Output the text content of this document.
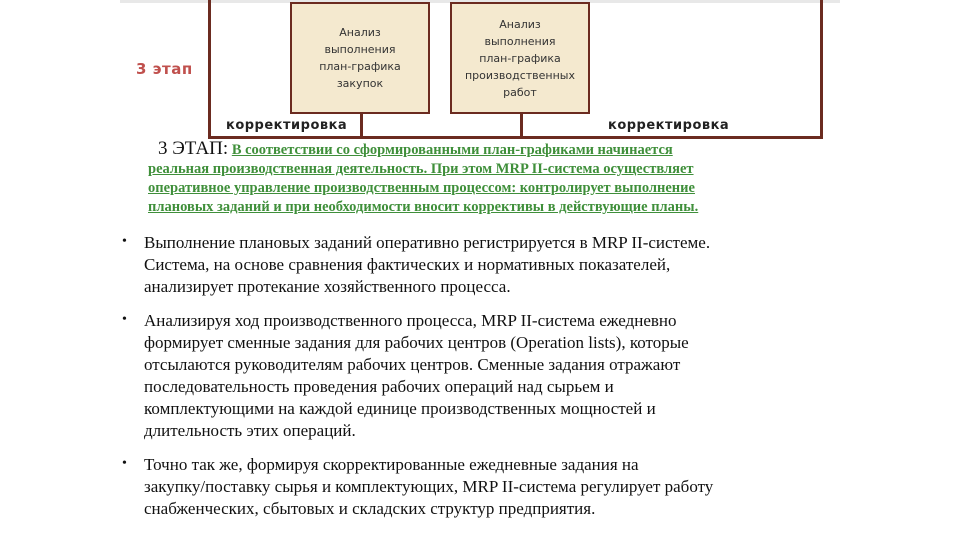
3 этап
Анализ
выполнения
план-графика
закупок
Анализ
выполнения
план-графика
производственных
работ
корректировка	корректировка
3 ЭТАП: В соответствии со сформированными план-графиками начинается
реальная производственная деятельность. При этом MRP II-система осуществляет
оперативное управление производственным процессом: контролирует выполнение
плановых заданий и при необходимости вносит коррективы в действующие планы.
• Выполнение плановых заданий оперативно регистрируется в MRP II-системе.
Система, на основе сравнения фактических и нормативных показателей,
анализирует протекание хозяйственного процесса.
• Анализируя ход производственного процесса, MRP II-система ежедневно
формирует сменные задания для рабочих центров (Operation lists), которые
отсылаются руководителям рабочих центров. Сменные задания отражают
последовательность проведения рабочих операций над сырьем и
комплектующими на каждой единице производственных мощностей и
длительность этих операций.
• Точно так же, формируя скорректированные ежедневные задания на
закупку/поставку сырья и комплектующих, MRP II-система регулирует работу
снабженческих, сбытовых и складских структур предприятия.
